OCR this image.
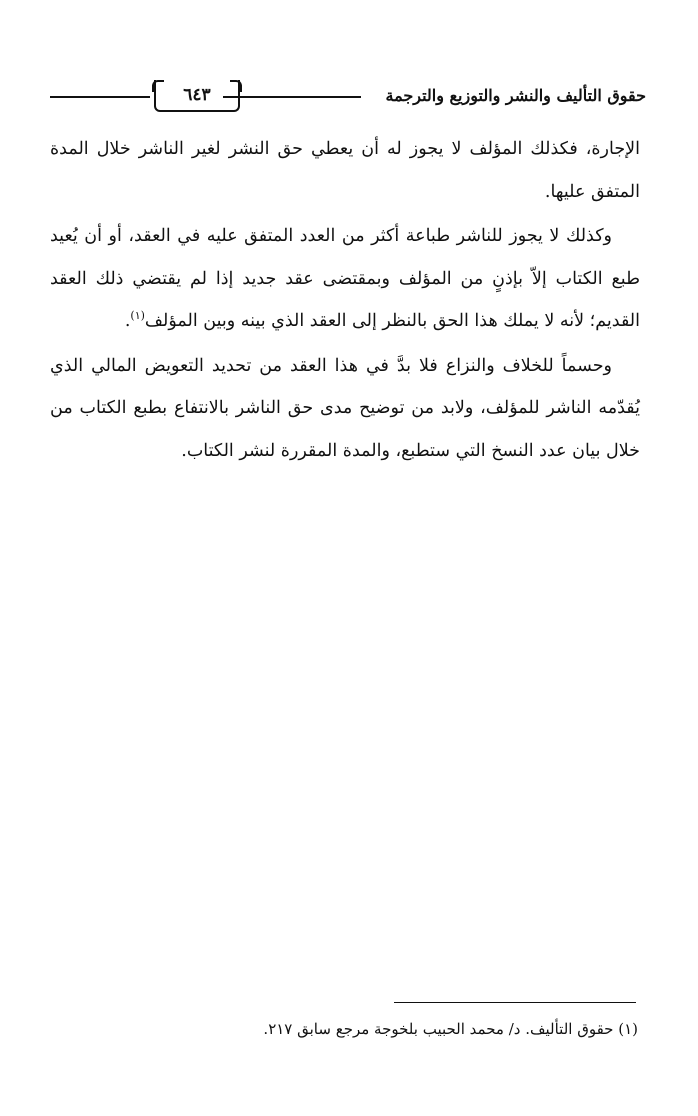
حقوق التأليف والنشر والتوزيع والترجمة
٦٤٣

الإجارة، فكذلك المؤلف لا يجوز له أن يعطي حق النشر لغير الناشر خلال المدة المتفق عليها.

وكذلك لا يجوز للناشر طباعة أكثر من العدد المتفق عليه في العقد، أو أن يُعيد طبع الكتاب إلاّ بإذنٍ من المؤلف وبمقتضى عقد جديد إذا لم يقتضي ذلك العقد القديم؛ لأنه لا يملك هذا الحق بالنظر إلى العقد الذي بينه وبين المؤلف$^{(١)}$.

وحسماً للخلاف والنزاع فلا بدَّ في هذا العقد من تحديد التعويض المالي الذي يُقدّمه الناشر للمؤلف، ولابد من توضيح مدى حق الناشر بالانتفاع بطبع الكتاب من خلال بيان عدد النسخ التي ستطبع، والمدة المقررة لنشر الكتاب.

(١) حقوق التأليف. د/ محمد الحبيب بلخوجة مرجع سابق ٢١٧.
